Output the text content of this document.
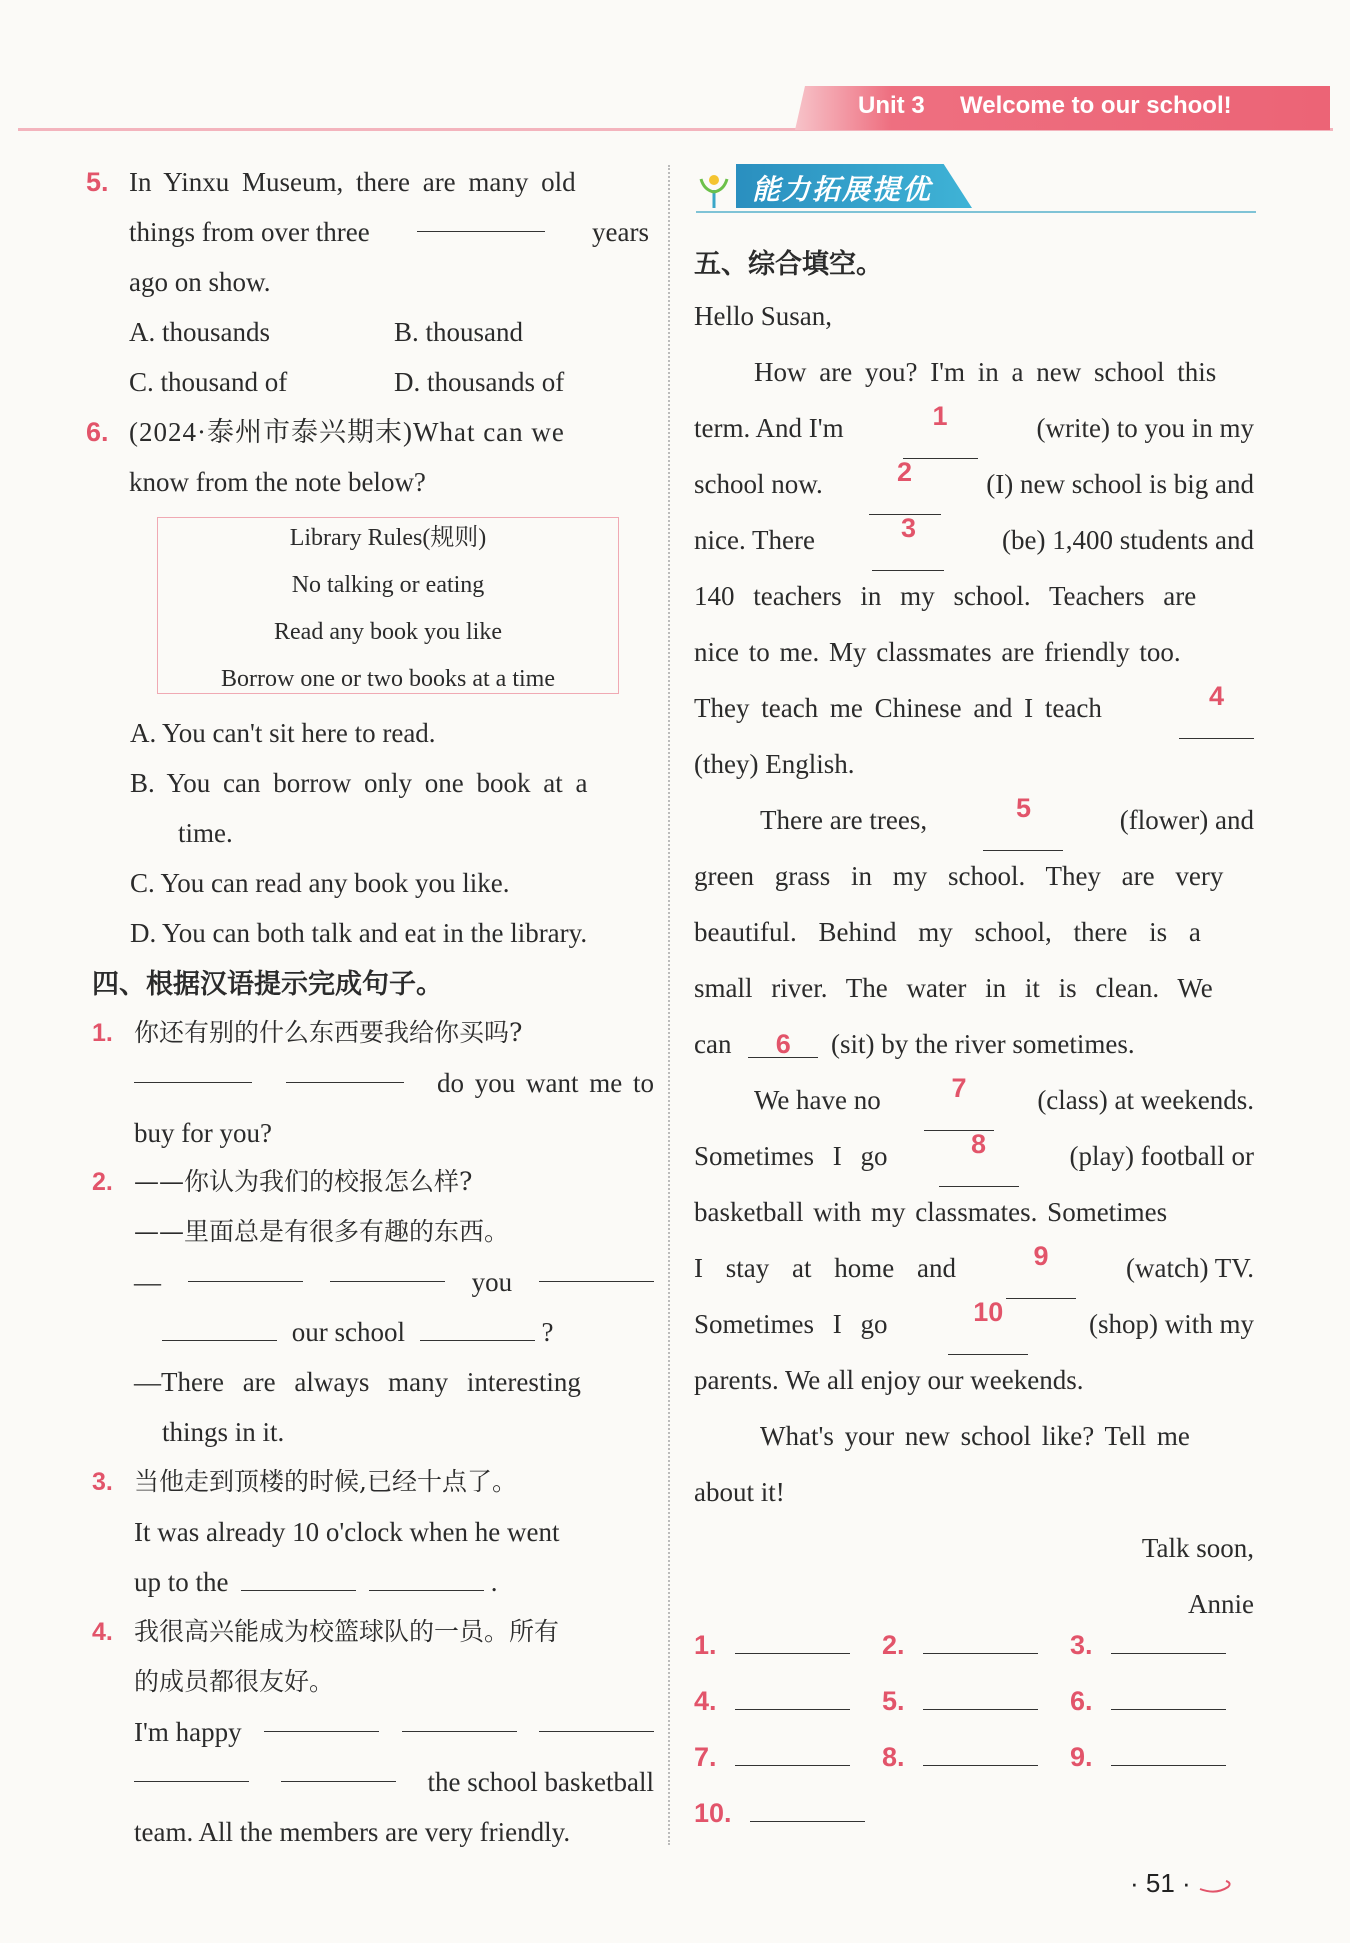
Unit 3 Welcome to our school!
5. In Yinxu Museum, there are many old
things from over three	years
ago on show.
A. thousands	B. thousand
C. thousand of	D. thousands of
6. (2024·泰州市泰兴期末)What can we
know from the note below?
Library Rules(规则)
No talking or eating
Read any book you like
Borrow one or two books at a time
A. You can't sit here to read.
B. You can borrow only one book at a
time.
C. You can read any book you like.
D. You can both talk and eat in the library.
四、根据汉语提示完成句子。
1. 你还有别的什么东西要我给你买吗?
do you want me to
buy for you?
2. ——你认为我们的校报怎么样?
——里面总是有很多有趣的东西。
—	you
our school	?
—There are always many interesting
things in it.
3. 当他走到顶楼的时候,已经十点了。
It was already 10 o'clock when he went
up to the	.
4. 我很高兴能成为校篮球队的一员。所有
的成员都很友好。
I'm happy
the school basketball
team. All the members are very friendly.
能力拓展提优
五、综合填空。
Hello Susan,
How are you? I'm in a new school this
term. And I'm	1	(write) to you in my
school now.	2	(I) new school is big and
nice. There	3	(be) 1,400 students and
140 teachers in my school. Teachers are
nice to me. My classmates are friendly too.
They teach me Chinese and I teach	4
(they) English.
There are trees,	5	(flower) and
green grass in my school. They are very
beautiful. Behind my school, there is a
small river. The water in it is clean. We
can 6 (sit) by the river sometimes.
We have no	7	(class) at weekends.
Sometimes I go	8	(play) football or
basketball with my classmates. Sometimes
I stay at home and	9	(watch) TV.
Sometimes I go	10	(shop) with my
parents. We all enjoy our weekends.
What's your new school like? Tell me
about it!
Talk soon,
Annie
1.	2.	3.
4.	5.	6.
7.	8.	9.
10.
· 51 ·
